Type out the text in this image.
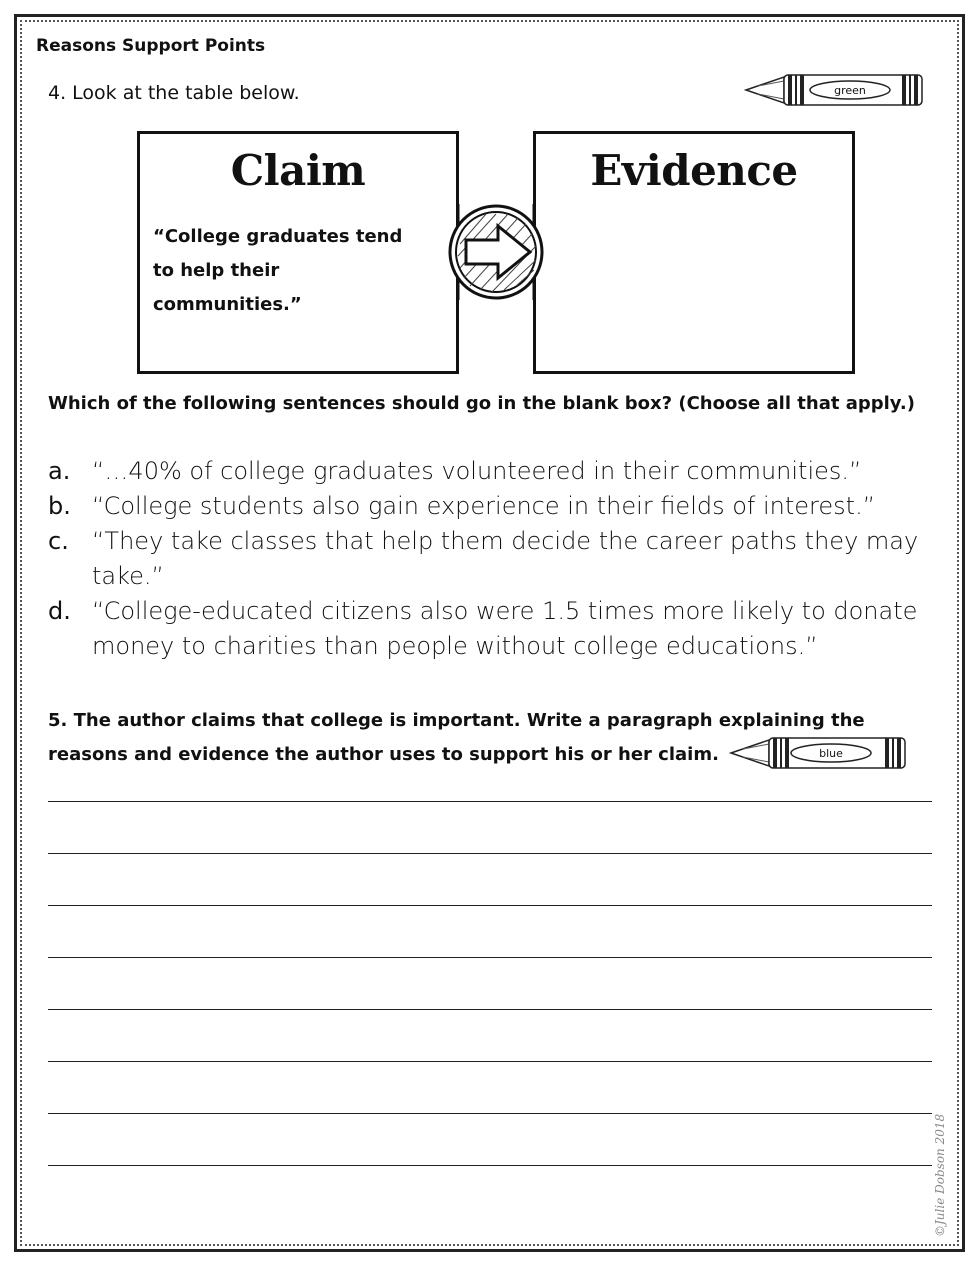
Reasons Support Points
4. Look at the table below.	green
Claim
“College graduates tend to help their communities.”
Evidence
Which of the following sentences should go in the blank box? (Choose all that apply.)
a. “…40% of college graduates volunteered in their communities.”
b. “College students also gain experience in their fields of interest.”
c. “They take classes that help them decide the career paths they may take.”
d. “College-educated citizens also were 1.5 times more likely to donate money to charities than people without college educations.”
5. The author claims that college is important. Write a paragraph explaining the reasons and evidence the author uses to support his or her claim.	blue
©Julie Dobson 2018
